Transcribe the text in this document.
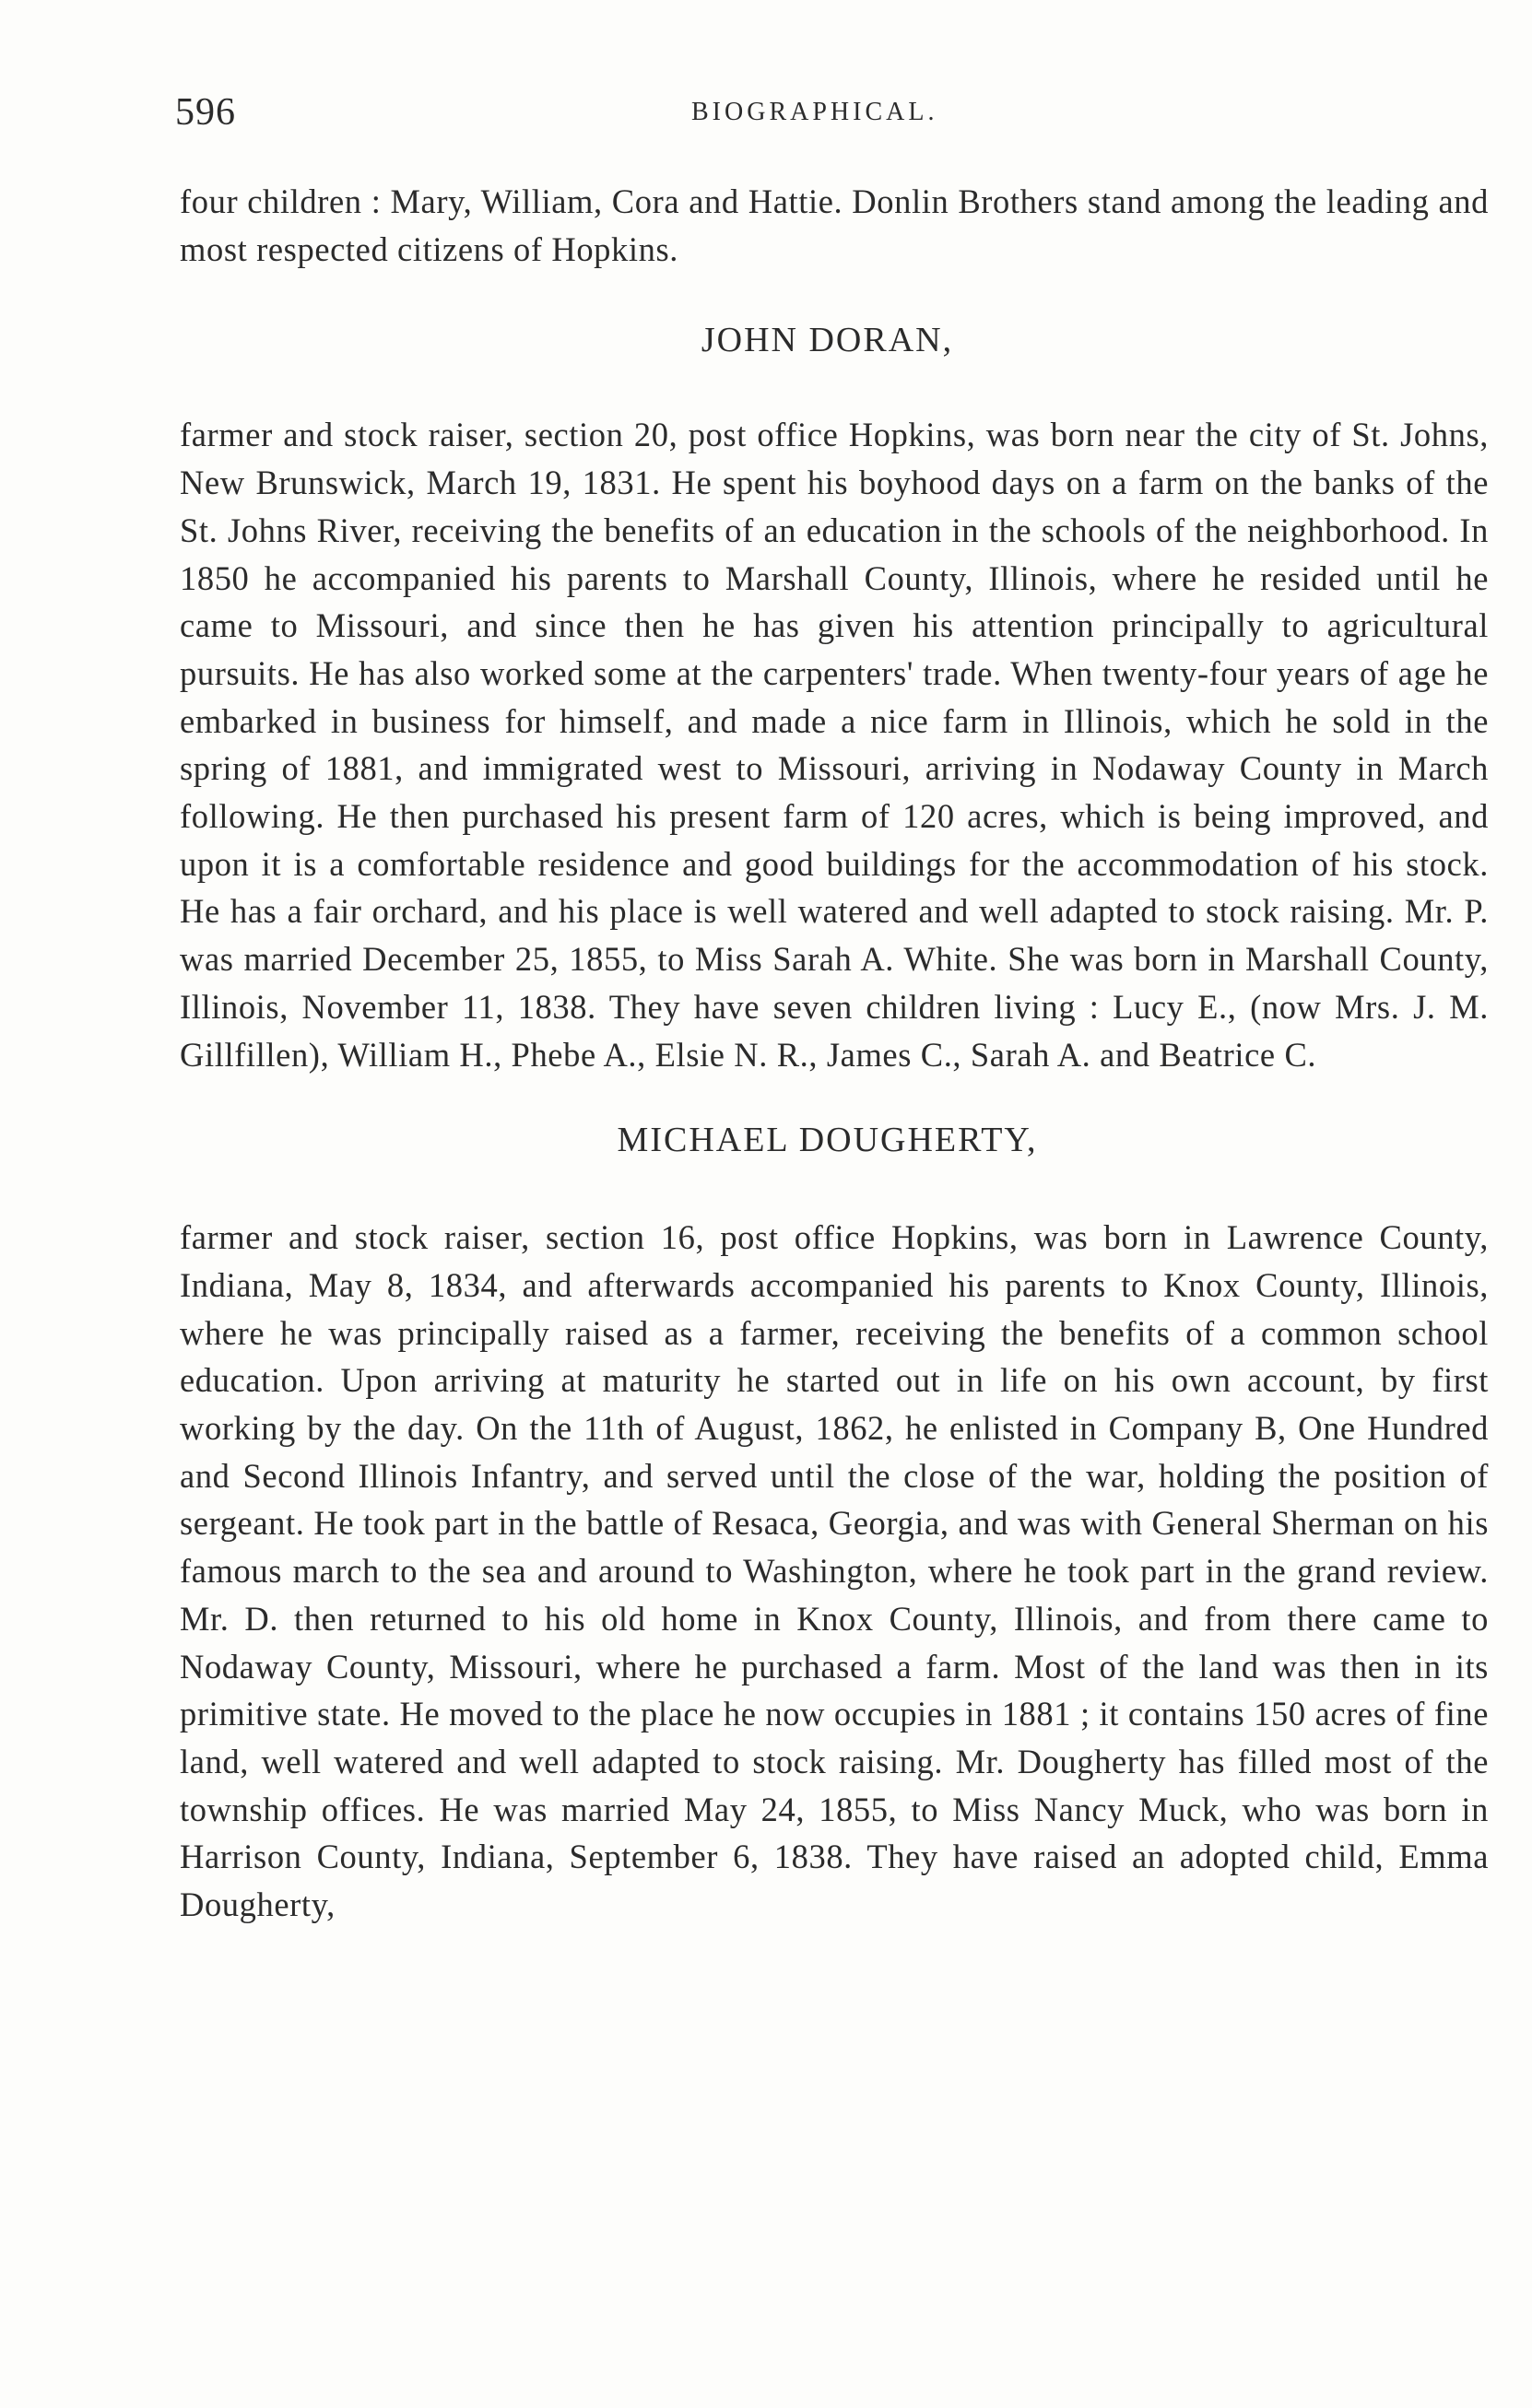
596	BIOGRAPHICAL.

four children : Mary, William, Cora and Hattie. Donlin Brothers stand among the leading and most respected citizens of Hopkins.

JOHN DORAN,

farmer and stock raiser, section 20, post office Hopkins, was born near the city of St. Johns, New Brunswick, March 19, 1831. He spent his boyhood days on a farm on the banks of the St. Johns River, receiving the benefits of an education in the schools of the neighborhood. In 1850 he accompanied his parents to Marshall County, Illinois, where he resided until he came to Missouri, and since then he has given his attention principally to agricultural pursuits. He has also worked some at the carpenters' trade. When twenty-four years of age he embarked in business for himself, and made a nice farm in Illinois, which he sold in the spring of 1881, and immigrated west to Missouri, arriving in Nodaway County in March following. He then purchased his present farm of 120 acres, which is being improved, and upon it is a comfortable residence and good buildings for the accommodation of his stock. He has a fair orchard, and his place is well watered and well adapted to stock raising. Mr. P. was married December 25, 1855, to Miss Sarah A. White. She was born in Marshall County, Illinois, November 11, 1838. They have seven children living : Lucy E., (now Mrs. J. M. Gillfillen), William H., Phebe A., Elsie N. R., James C., Sarah A. and Beatrice C.

MICHAEL DOUGHERTY,

farmer and stock raiser, section 16, post office Hopkins, was born in Lawrence County, Indiana, May 8, 1834, and afterwards accompanied his parents to Knox County, Illinois, where he was principally raised as a farmer, receiving the benefits of a common school education. Upon arriving at maturity he started out in life on his own account, by first working by the day. On the 11th of August, 1862, he enlisted in Company B, One Hundred and Second Illinois Infantry, and served until the close of the war, holding the position of sergeant. He took part in the battle of Resaca, Georgia, and was with General Sherman on his famous march to the sea and around to Washington, where he took part in the grand review. Mr. D. then returned to his old home in Knox County, Illinois, and from there came to Nodaway County, Missouri, where he purchased a farm. Most of the land was then in its primitive state. He moved to the place he now occupies in 1881 ; it contains 150 acres of fine land, well watered and well adapted to stock raising. Mr. Dougherty has filled most of the township offices. He was married May 24, 1855, to Miss Nancy Muck, who was born in Harrison County, Indiana, September 6, 1838. They have raised an adopted child, Emma Dougherty,
